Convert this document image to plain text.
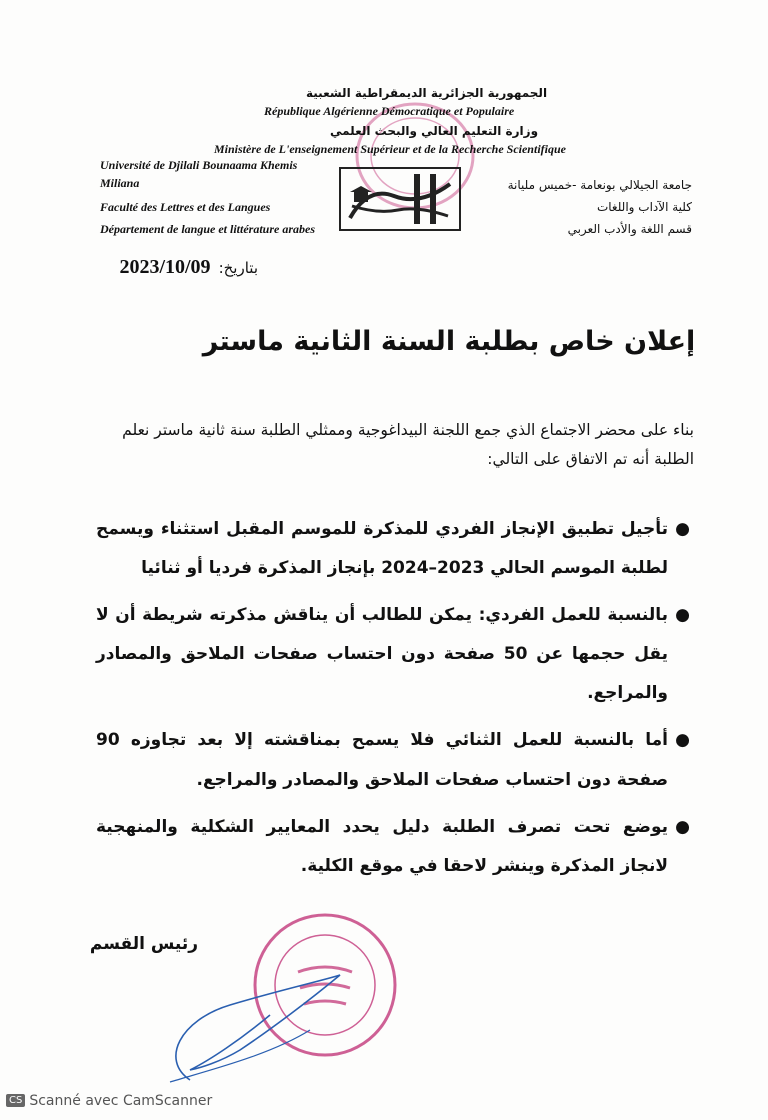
الجمهورية الجزائرية الديمقراطية الشعبية
République Algérienne Démocratique et Populaire
وزارة التعليم العالي والبحث العلمي
Ministère de L'enseignement Supérieur et de la Recherche Scientifique
Université de Djilali Bounaama Khemis
Miliana
Faculté des Lettres et des Langues
Département de langue et littérature arabes
جامعة الجيلالي بونعامة -خميس مليانة
كلية الآداب واللغات
قسم اللغة والأدب العربي
بتاريخ:2023/10/09
إعلان خاص بطلبة السنة الثانية ماستر
بناء على محضر الاجتماع الذي جمع اللجنة البيداغوجية وممثلي الطلبة سنة ثانية ماستر نعلم الطلبة أنه تم الاتفاق على التالي:
●
تأجيل تطبيق الإنجاز الفردي للمذكرة للموسم المقبل استثناء ويسمح لطلبة الموسم الحالي 2023–2024 بإنجاز المذكرة فرديا أو ثنائيا
●
بالنسبة للعمل الفردي: يمكن للطالب أن يناقش مذكرته شريطة أن لا يقل حجمها عن 50 صفحة دون احتساب صفحات الملاحق والمصادر والمراجع.
●
أما بالنسبة للعمل الثنائي فلا يسمح بمناقشته إلا بعد تجاوزه 90 صفحة دون احتساب صفحات الملاحق والمصادر والمراجع.
●
يوضع تحت تصرف الطلبة دليل يحدد المعايير الشكلية والمنهجية لانجاز المذكرة وينشر لاحقا في موقع الكلية.
رئيس القسم
CS Scanné avec CamScanner
